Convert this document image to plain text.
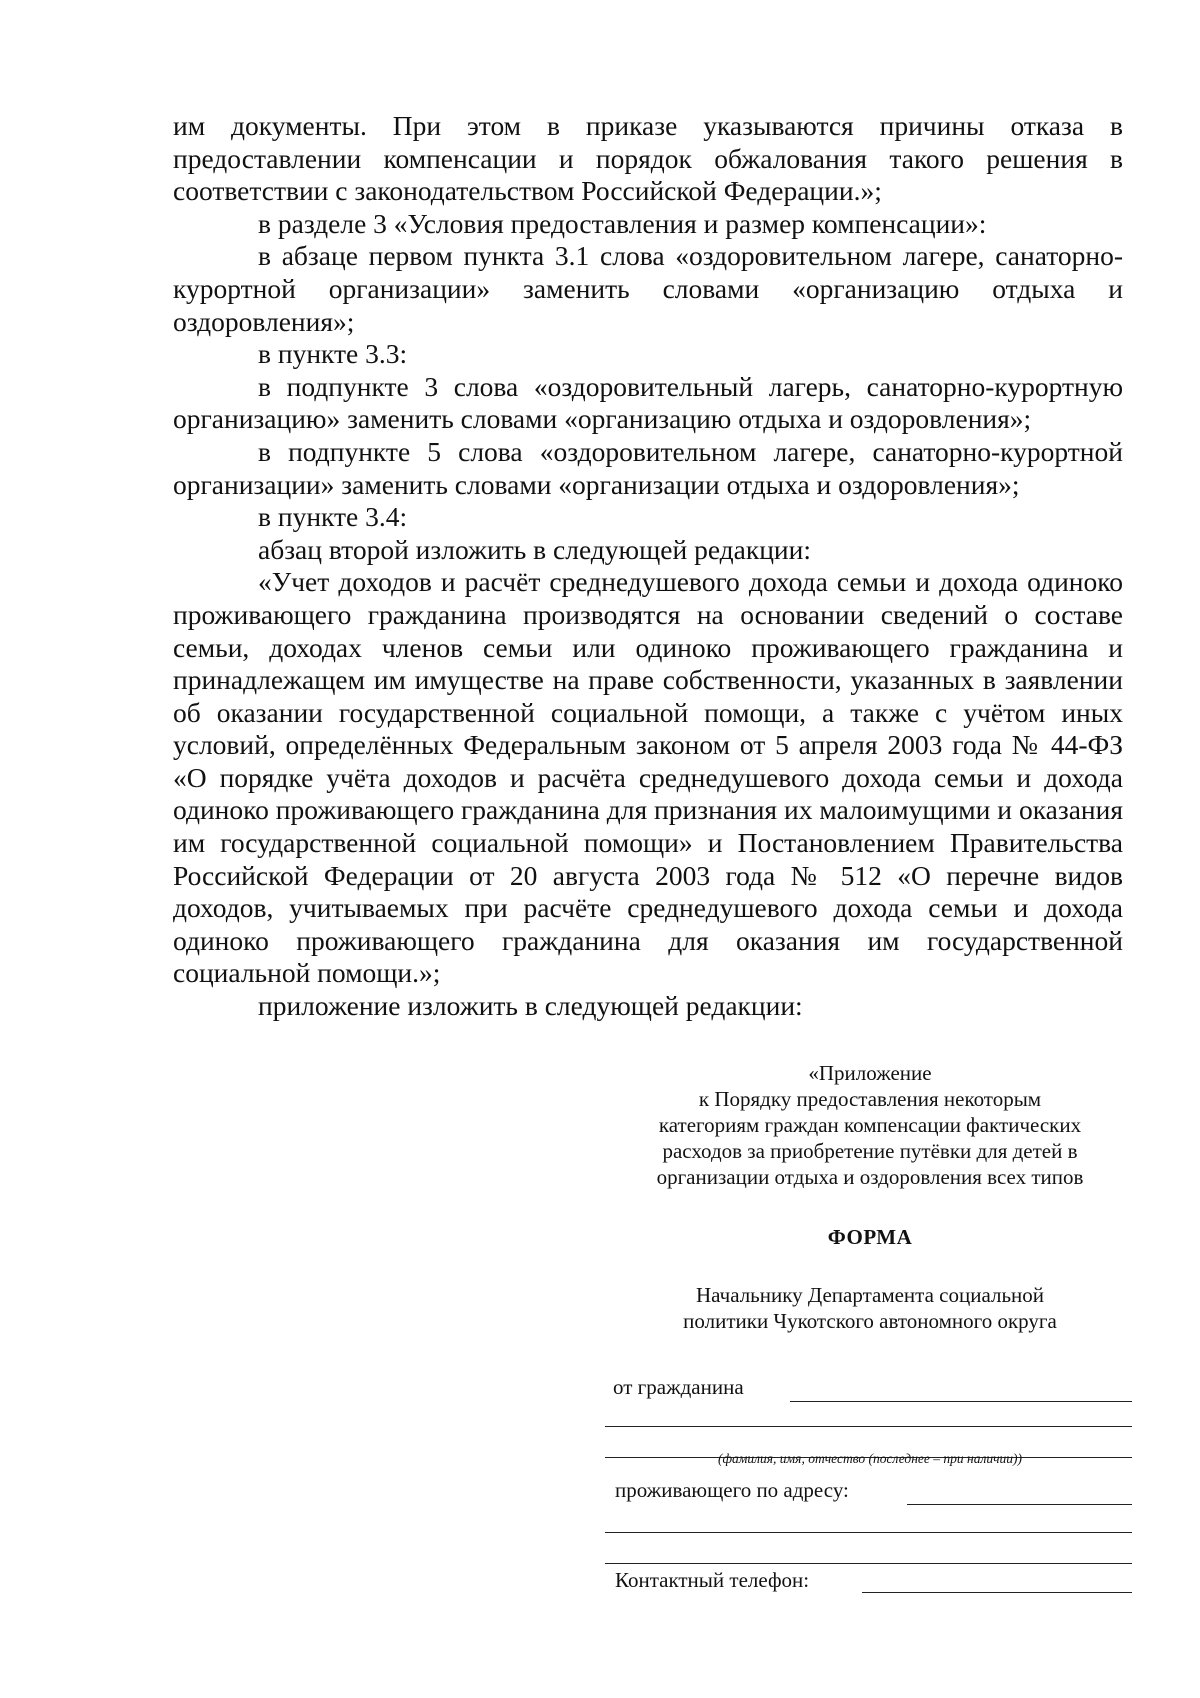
им документы. При этом в приказе указываются причины отказа в предоставлении компенсации и порядок обжалования такого решения в соответствии с законодательством Российской Федерации.»;

в разделе 3 «Условия предоставления и размер компенсации»:

в абзаце первом пункта 3.1 слова «оздоровительном лагере, санаторно-курортной организации» заменить словами «организацию отдыха и оздоровления»;

в пункте 3.3:

в подпункте 3 слова «оздоровительный лагерь, санаторно-курортную организацию» заменить словами «организацию отдыха и оздоровления»;

в подпункте 5 слова «оздоровительном лагере, санаторно-курортной организации» заменить словами «организации отдыха и оздоровления»;

в пункте 3.4:

абзац второй изложить в следующей редакции:

«Учет доходов и расчёт среднедушевого дохода семьи и дохода одиноко проживающего гражданина производятся на основании сведений о составе семьи, доходах членов семьи или одиноко проживающего гражданина и принадлежащем им имуществе на праве собственности, указанных в заявлении об оказании государственной социальной помощи, а также с учётом иных условий, определённых Федеральным законом от 5 апреля 2003 года № 44-ФЗ «О порядке учёта доходов и расчёта среднедушевого дохода семьи и дохода одиноко проживающего гражданина для признания их малоимущими и оказания им государственной социальной помощи» и Постановлением Правительства Российской Федерации от 20 августа 2003 года № 512 «О перечне видов доходов, учитываемых при расчёте среднедушевого дохода семьи и дохода одиноко проживающего гражданина для оказания им государственной социальной помощи.»;

приложение изложить в следующей редакции:

«Приложение

к Порядку предоставления некоторым

категориям граждан компенсации фактических

расходов за приобретение путёвки для детей в

организации отдыха и оздоровления всех типов

ФОРМА

Начальнику Департамента социальной

политики Чукотского автономного округа

от гражданина
(фамилия, имя, отчество (последнее – при наличии))
проживающего по адресу:
Контактный телефон:
